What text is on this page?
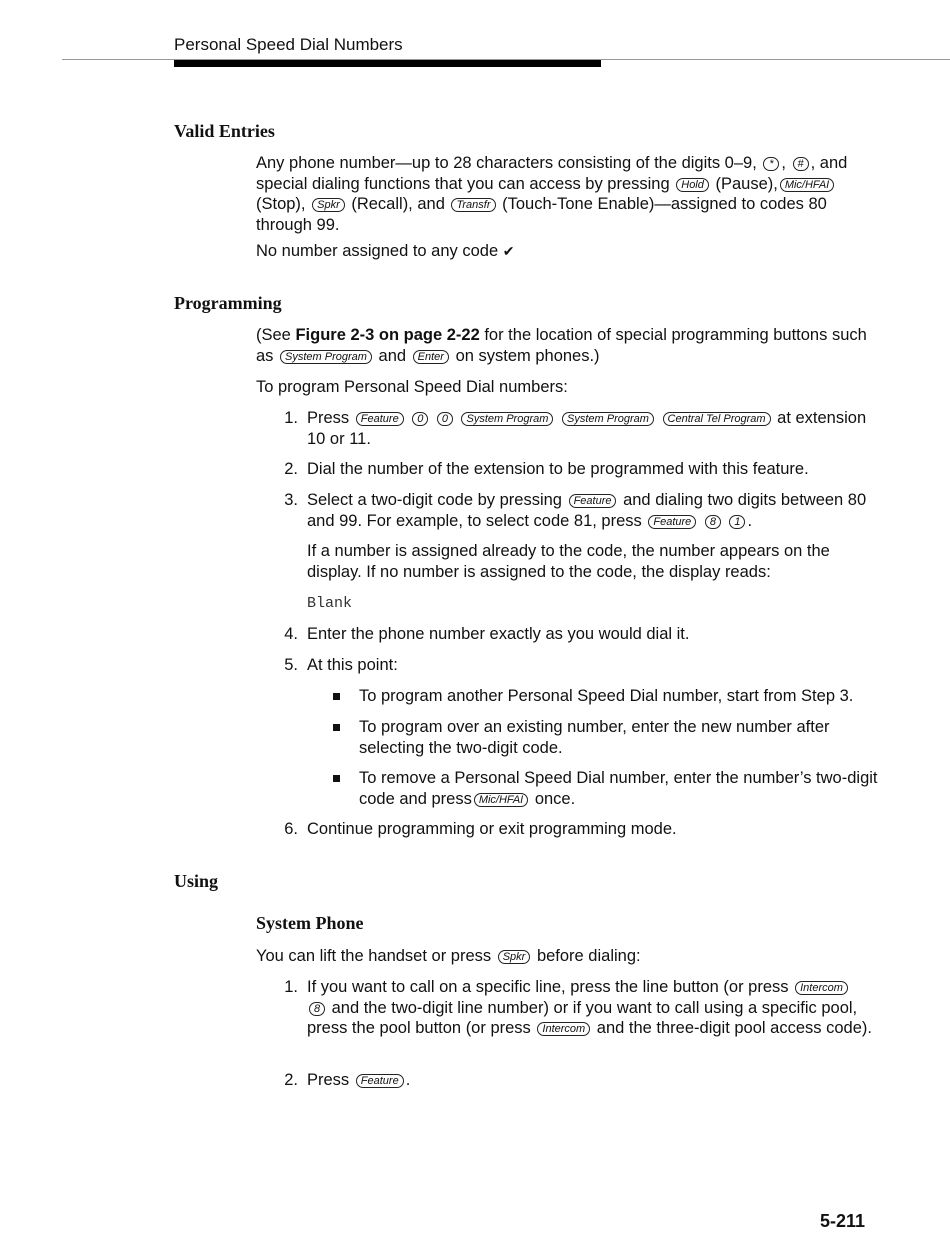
Personal Speed Dial Numbers
Valid Entries
Any phone number—up to 28 characters consisting of the digits 0–9, * , # , and special dialing functions that you can access by pressing Hold (Pause), Mic/HFAI (Stop), Spkr (Recall), and Transfr (Touch-Tone Enable)—assigned to codes 80 through 99.
No number assigned to any code ✔
Programming
(See Figure 2-3 on page 2-22 for the location of special programming buttons such as System Program and Enter on system phones.)
To program Personal Speed Dial numbers:
1. Press Feature 0 0 System Program System Program Central Tel Program at extension 10 or 11.
2. Dial the number of the extension to be programmed with this feature.
3. Select a two-digit code by pressing Feature and dialing two digits between 80 and 99. For example, to select code 81, press Feature 8 1 .
If a number is assigned already to the code, the number appears on the display. If no number is assigned to the code, the display reads:
Blank
4. Enter the phone number exactly as you would dial it.
5. At this point:
To program another Personal Speed Dial number, start from Step 3.
To program over an existing number, enter the new number after selecting the two-digit code.
To remove a Personal Speed Dial number, enter the number’s two-digit code and press Mic/HFAI once.
6. Continue programming or exit programming mode.
Using
System Phone
You can lift the handset or press Spkr before dialing:
1. If you want to call on a specific line, press the line button (or press Intercom 8 and the two-digit line number) or if you want to call using a specific pool, press the pool button (or press Intercom and the three-digit pool access code).
2. Press Feature .
5-211
